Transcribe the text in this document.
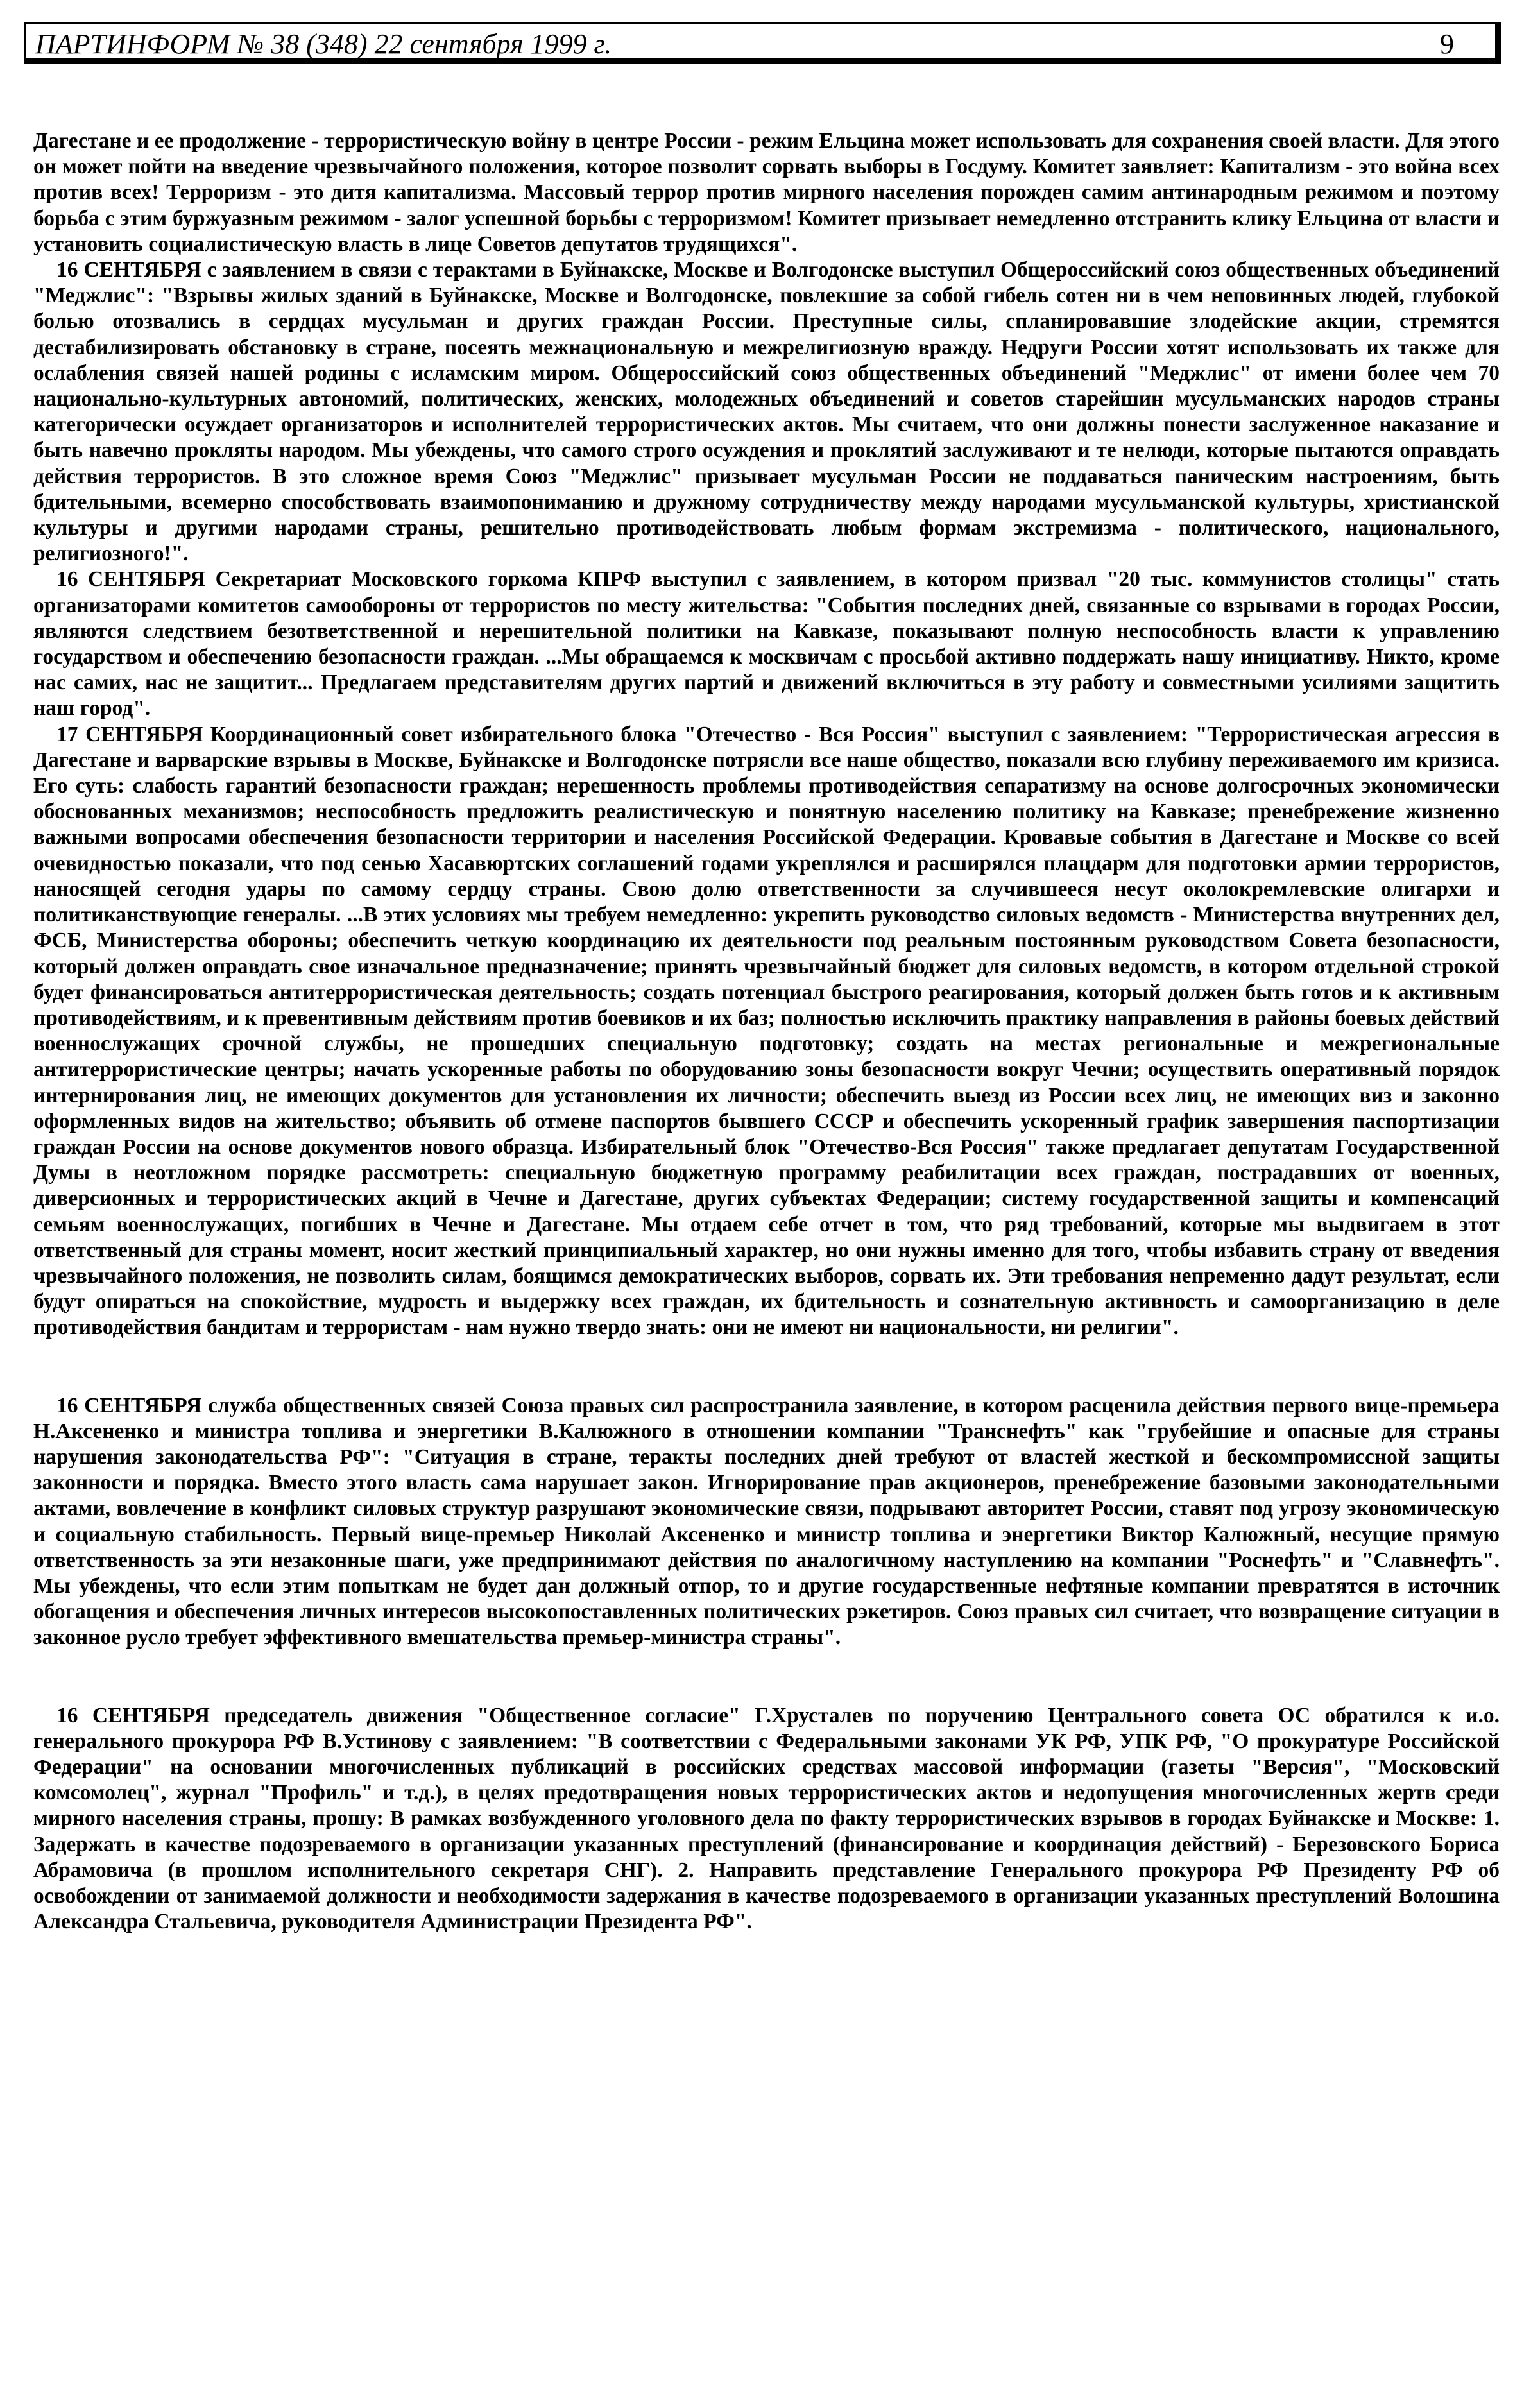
ПАРТИНФОРМ № 38 (348) 22 сентября 1999 г.	9

Дагестане и ее продолжение - террористическую войну в центре России - режим Ельцина может использовать для сохранения своей власти. Для этого он может пойти на введение чрезвычайного положения, которое позволит сорвать выборы в Госдуму. Комитет заявляет: Капитализм - это война всех против всех! Терроризм - это дитя капитализма. Массовый террор против мирного населения порожден самим антинародным режимом и поэтому борьба с этим буржуазным режимом - залог успешной борьбы с терроризмом! Комитет призывает немедленно отстранить клику Ельцина от власти и установить социалистическую власть в лице Советов депутатов трудящихся".

16 СЕНТЯБРЯ с заявлением в связи с терактами в Буйнакске, Москве и Волгодонске выступил Общероссийский союз общественных объединений "Меджлис": "Взрывы жилых зданий в Буйнакске, Москве и Волгодонске, повлекшие за собой гибель сотен ни в чем неповинных людей, глубокой болью отозвались в сердцах мусульман и других граждан России. Преступные силы, спланировавшие злодейские акции, стремятся дестабилизировать обстановку в стране, посеять межнациональную и межрелигиозную вражду. Недруги России хотят использовать их также для ослабления связей нашей родины с исламским миром. Общероссийский союз общественных объединений "Меджлис" от имени более чем 70 национально-культурных автономий, политических, женских, молодежных объединений и советов старейшин мусульманских народов страны категорически осуждает организаторов и исполнителей террористических актов. Мы считаем, что они должны понести заслуженное наказание и быть навечно прокляты народом. Мы убеждены, что самого строго осуждения и проклятий заслуживают и те нелюди, которые пытаются оправдать действия террористов. В это сложное время Союз "Меджлис" призывает мусульман России не поддаваться паническим настроениям, быть бдительными, всемерно способствовать взаимопониманию и дружному сотрудничеству между народами мусульманской культуры, христианской культуры и другими народами страны, решительно противодействовать любым формам экстремизма - политического, национального, религиозного!".

16 СЕНТЯБРЯ Секретариат Московского горкома КПРФ выступил с заявлением, в котором призвал "20 тыс. коммунистов столицы" стать организаторами комитетов самообороны от террористов по месту жительства: "События последних дней, связанные со взрывами в городах России, являются следствием безответственной и нерешительной политики на Кавказе, показывают полную неспособность власти к управлению государством и обеспечению безопасности граждан. ...Мы обращаемся к москвичам с просьбой активно поддержать нашу инициативу. Никто, кроме нас самих, нас не защитит... Предлагаем представителям других партий и движений включиться в эту работу и совместными усилиями защитить наш город".

17 СЕНТЯБРЯ Координационный совет избирательного блока "Отечество - Вся Россия" выступил с заявлением: "Террористическая агрессия в Дагестане и варварские взрывы в Москве, Буйнакске и Волгодонске потрясли все наше общество, показали всю глубину переживаемого им кризиса. Его суть: слабость гарантий безопасности граждан; нерешенность проблемы противодействия сепаратизму на основе долгосрочных экономически обоснованных механизмов; неспособность предложить реалистическую и понятную населению политику на Кавказе; пренебрежение жизненно важными вопросами обеспечения безопасности территории и населения Российской Федерации. Кровавые события в Дагестане и Москве со всей очевидностью показали, что под сенью Хасавюртских соглашений годами укреплялся и расширялся плацдарм для подготовки армии террористов, наносящей сегодня удары по самому сердцу страны. Свою долю ответственности за случившееся несут околокремлевские олигархи и политиканствующие генералы. ...В этих условиях мы требуем немедленно: укрепить руководство силовых ведомств - Министерства внутренних дел, ФСБ, Министерства обороны; обеспечить четкую координацию их деятельности под реальным постоянным руководством Совета безопасности, который должен оправдать свое изначальное предназначение; принять чрезвычайный бюджет для силовых ведомств, в котором отдельной строкой будет финансироваться антитеррористическая деятельность; создать потенциал быстрого реагирования, который должен быть готов и к активным противодействиям, и к превентивным действиям против боевиков и их баз; полностью исключить практику направления в районы боевых действий военнослужащих срочной службы, не прошедших специальную подготовку; создать на местах региональные и межрегиональные антитеррористические центры; начать ускоренные работы по оборудованию зоны безопасности вокруг Чечни; осуществить оперативный порядок интернирования лиц, не имеющих документов для установления их личности; обеспечить выезд из России всех лиц, не имеющих виз и законно оформленных видов на жительство; объявить об отмене паспортов бывшего СССР и обеспечить ускоренный график завершения паспортизации граждан России на основе документов нового образца. Избирательный блок "Отечество-Вся Россия" также предлагает депутатам Государственной Думы в неотложном порядке рассмотреть: специальную бюджетную программу реабилитации всех граждан, пострадавших от военных, диверсионных и террористических акций в Чечне и Дагестане, других субъектах Федерации; систему государственной защиты и компенсаций семьям военнослужащих, погибших в Чечне и Дагестане. Мы отдаем себе отчет в том, что ряд требований, которые мы выдвигаем в этот ответственный для страны момент, носит жесткий принципиальный характер, но они нужны именно для того, чтобы избавить страну от введения чрезвычайного положения, не позволить силам, боящимся демократических выборов, сорвать их. Эти требования непременно дадут результат, если будут опираться на спокойствие, мудрость и выдержку всех граждан, их бдительность и сознательную активность и самоорганизацию в деле противодействия бандитам и террористам - нам нужно твердо знать: они не имеют ни национальности, ни религии".

16 СЕНТЯБРЯ служба общественных связей Союза правых сил распространила заявление, в котором расценила действия первого вице-премьера Н.Аксененко и министра топлива и энергетики В.Калюжного в отношении компании "Транснефть" как "грубейшие и опасные для страны нарушения законодательства РФ": "Ситуация в стране, теракты последних дней требуют от властей жесткой и бескомпромиссной защиты законности и порядка. Вместо этого власть сама нарушает закон. Игнорирование прав акционеров, пренебрежение базовыми законодательными актами, вовлечение в конфликт силовых структур разрушают экономические связи, подрывают авторитет России, ставят под угрозу экономическую и социальную стабильность. Первый вице-премьер Николай Аксененко и министр топлива и энергетики Виктор Калюжный, несущие прямую ответственность за эти незаконные шаги, уже предпринимают действия по аналогичному наступлению на компании "Роснефть" и "Славнефть". Мы убеждены, что если этим попыткам не будет дан должный отпор, то и другие государственные нефтяные компании превратятся в источник обогащения и обеспечения личных интересов высокопоставленных политических рэкетиров. Союз правых сил считает, что возвращение ситуации в законное русло требует эффективного вмешательства премьер-министра страны".

16 СЕНТЯБРЯ председатель движения "Общественное согласие" Г.Хрусталев по поручению Центрального совета ОС обратился к и.о. генерального прокурора РФ В.Устинову с заявлением: "В соответствии с Федеральными законами УК РФ, УПК РФ, "О прокуратуре Российской Федерации" на основании многочисленных публикаций в российских средствах массовой информации (газеты "Версия", "Московский комсомолец", журнал "Профиль" и т.д.), в целях предотвращения новых террористических актов и недопущения многочисленных жертв среди мирного населения страны, прошу: В рамках возбужденного уголовного дела по факту террористических взрывов в городах Буйнакске и Москве: 1. Задержать в качестве подозреваемого в организации указанных преступлений (финансирование и координация действий) - Березовского Бориса Абрамовича (в прошлом исполнительного секретаря СНГ). 2. Направить представление Генерального прокурора РФ Президенту РФ об освобождении от занимаемой должности и необходимости задержания в качестве подозреваемого в организации указанных преступлений Волошина Александра Стальевича, руководителя Администрации Президента РФ".
